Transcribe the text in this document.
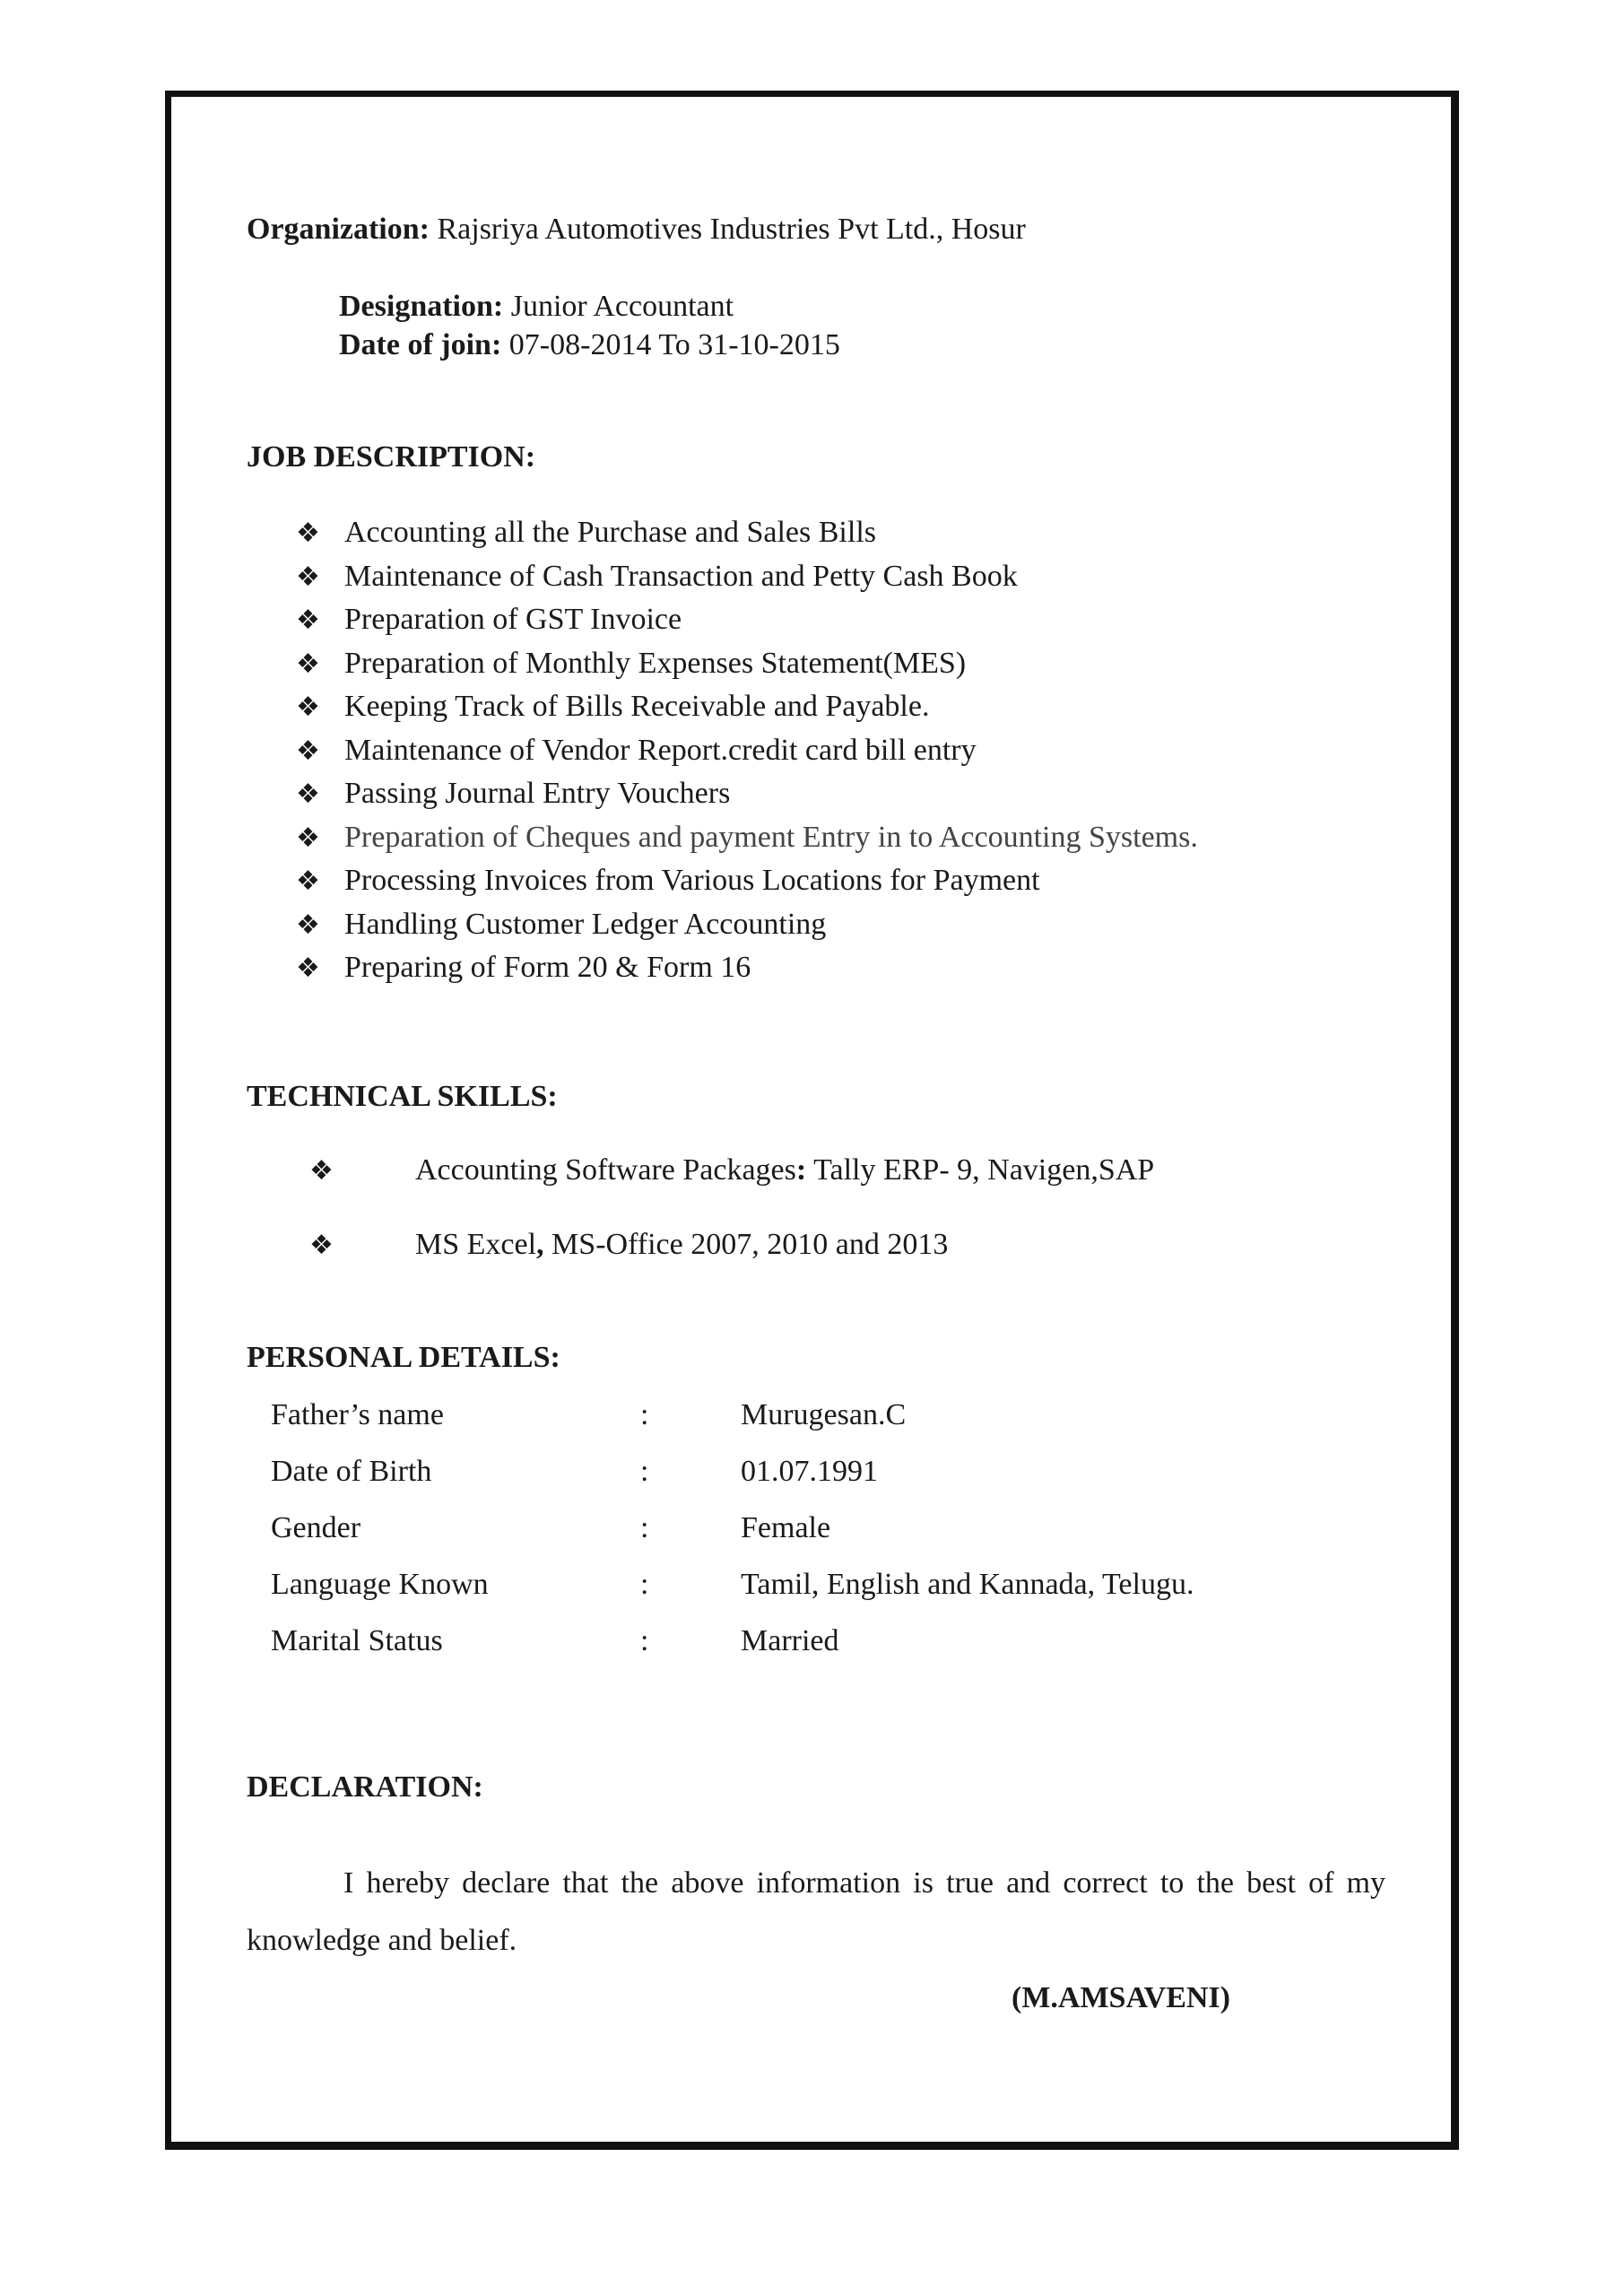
Organization: Rajsriya Automotives Industries Pvt Ltd., Hosur
Designation: Junior Accountant
Date of join: 07-08-2014 To 31-10-2015
JOB DESCRIPTION:
❖ Accounting all the Purchase and Sales Bills
❖ Maintenance of Cash Transaction and Petty Cash Book
❖ Preparation of GST Invoice
❖ Preparation of Monthly Expenses Statement(MES)
❖ Keeping Track of Bills Receivable and Payable.
❖ Maintenance of Vendor Report.credit card bill entry
❖ Passing Journal Entry Vouchers
❖ Preparation of Cheques and payment Entry in to Accounting Systems.
❖ Processing Invoices from Various Locations for Payment
❖ Handling Customer Ledger Accounting
❖ Preparing of Form 20 & Form 16
TECHNICAL SKILLS:
❖	Accounting Software Packages: Tally ERP- 9, Navigen,SAP
❖	MS Excel, MS-Office 2007, 2010 and 2013
PERSONAL DETAILS:
Father’s name	:	Murugesan.C
Date of Birth	:	01.07.1991
Gender	:	Female
Language Known	:	Tamil, English and Kannada, Telugu.
Marital Status	:	Married
DECLARATION:
I hereby declare that the above information is true and correct to the best of my knowledge and belief.
(M.AMSAVENI)
